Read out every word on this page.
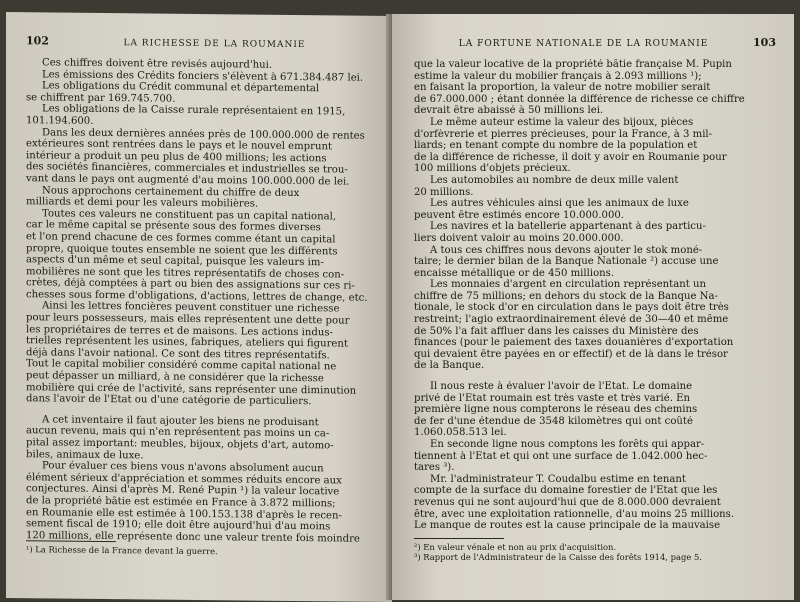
102	LA RICHESSE DE LA ROUMANIE
Ces chiffres doivent être revisés aujourd'hui.
Les émissions des Crédits fonciers s'élèvent à 671.384.487 lei.
Les obligations du Crédit communal et départemental
se chiffrent par 169.745.700.
Les obligations de la Caisse rurale représentaient en 1915,
101.194.600.
Dans les deux dernières années près de 100.000.000 de rentes
extérieures sont rentrées dans le pays et le nouvel emprunt
intérieur a produit un peu plus de 400 millions; les actions
des sociétés financières, commerciales et industrielles se trou-
vant dans le pays ont augmenté d'au moins 100.000.000 de lei.
Nous approchons certainement du chiffre de deux
milliards et demi pour les valeurs mobilières.
Toutes ces valeurs ne constituent pas un capital national,
car le même capital se présente sous des formes diverses
et l'on prend chacune de ces formes comme étant un capital
propre, quoique toutes ensemble ne soient que les différents
aspects d'un même et seul capital, puisque les valeurs im-
mobilières ne sont que les titres représentatifs de choses con-
crètes, déjà comptées à part ou bien des assignations sur ces ri-
chesses sous forme d'obligations, d'actions, lettres de change, etc.
Ainsi les lettres foncières peuvent constituer une richesse
pour leurs possesseurs, mais elles représentent une dette pour
les propriétaires de terres et de maisons. Les actions indus-
trielles représentent les usines, fabriques, ateliers qui figurent
déjà dans l'avoir national. Ce sont des titres représentatifs.
Tout le capital mobilier considéré comme capital national ne
peut dépasser un milliard, à ne considérer que la richesse
mobilière qui crée de l'activité, sans représenter une diminution
dans l'avoir de l'Etat ou d'une catégorie de particuliers.
A cet inventaire il faut ajouter les biens ne produisant
aucun revenu, mais qui n'en représentent pas moins un ca-
pital assez important: meubles, bijoux, objets d'art, automo-
biles, animaux de luxe.
Pour évaluer ces biens vous n'avons absolument aucun
élément sérieux d'appréciation et sommes réduits encore aux
conjectures. Ainsi d'après M. René Pupin ¹) la valeur locative
de la propriété bâtie est estimée en France à 3.872 millions;
en Roumanie elle est estimée à 100.153.138 d'après le recen-
sement fiscal de 1910; elle doit être aujourd'hui d'au moins
120 millions, elle représente donc une valeur trente fois moindre
¹) La Richesse de la France devant la guerre.
LA FORTUNE NATIONALE DE LA ROUMANIE	103
que la valeur locative de la propriété bâtie française M. Pupin
estime la valeur du mobilier français à 2.093 millions ¹);
en faisant la proportion, la valeur de notre mobilier serait
de 67.000.000 ; étant donnée la différence de richesse ce chiffre
devrait être abaissé à 50 millions lei.
Le même auteur estime la valeur des bijoux, pièces
d'orfèvrerie et pierres précieuses, pour la France, à 3 mil-
liards; en tenant compte du nombre de la population et
de la différence de richesse, il doit y avoir en Roumanie pour
100 millions d'objets précieux.
Les automobiles au nombre de deux mille valent
20 millions.
Les autres véhicules ainsi que les animaux de luxe
peuvent être estimés encore 10.000.000.
Les navires et la batellerie appartenant à des particu-
liers doivent valoir au moins 20.000.000.
A tous ces chiffres nous devons ajouter le stok moné-
taire; le dernier bilan de la Banque Nationale ²) accuse une
encaisse métallique or de 450 millions.
Les monnaies d'argent en circulation représentant un
chiffre de 75 millions; en dehors du stock de la Banque Na-
tionale, le stock d'or en circulation dans le pays doit être très
restreint; l'agio extraordinairement élevé de 30—40 et même
de 50% l'a fait affluer dans les caisses du Ministère des
finances (pour le paiement des taxes douanières d'exportation
qui devaient être payées en or effectif) et de là dans le trésor
de la Banque.
Il nous reste à évaluer l'avoir de l'Etat. Le domaine
privé de l'Etat roumain est très vaste et très varié. En
première ligne nous compterons le réseau des chemins
de fer d'une étendue de 3548 kilomètres qui ont coûté
1.060.058.513 lei.
En seconde ligne nous comptons les forêts qui appar-
tiennent à l'Etat et qui ont une surface de 1.042.000 hec-
tares ³).
Mr. l'administrateur T. Coudalbu estime en tenant
compte de la surface du domaine forestier de l'Etat que les
revenus qui ne sont aujourd'hui que de 8.000.000 devraient
être, avec une exploitation rationnelle, d'au moins 25 millions.
Le manque de routes est la cause principale de la mauvaise
²) En valeur vénale et non au prix d'acquisition.
³) Rapport de l'Administrateur de la Caisse des forêts 1914, page 5.
